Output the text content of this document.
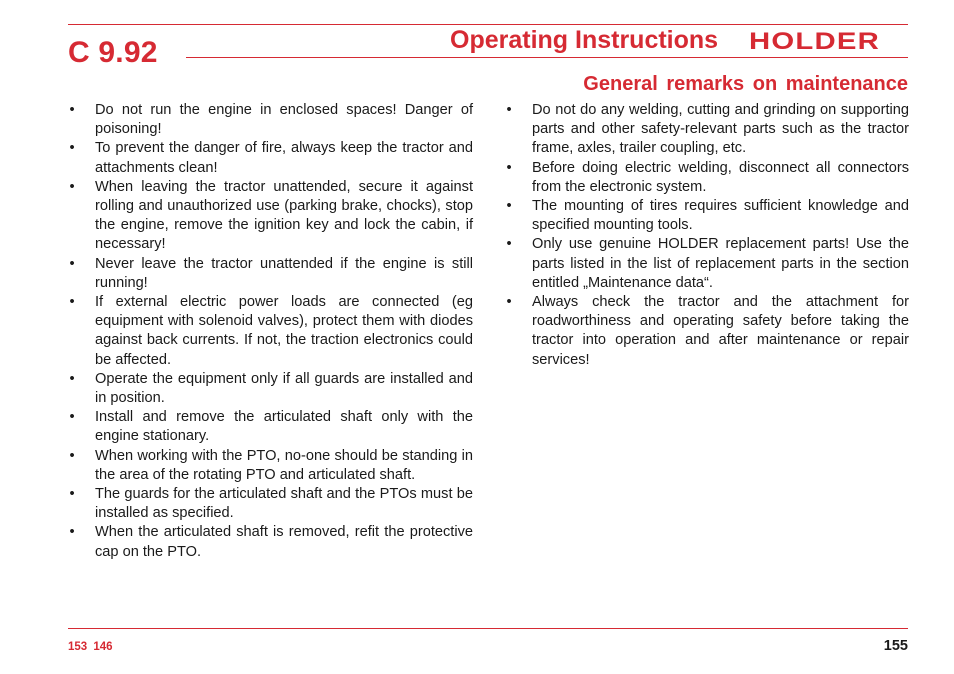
C 9.92	Operating Instructions HOLDER
General remarks on maintenance
• Do not run the engine in enclosed spaces! Danger of poisoning!
• To prevent the danger of fire, always keep the tractor and attachments clean!
• When leaving the tractor unattended, secure it against rolling and unauthorized use (parking brake, chocks), stop the engine, remove the ignition key and lock the cabin, if necessary!
• Never leave the tractor unattended if the engine is still running!
• If external electric power loads are connected (eg equipment with solenoid valves), protect them with diodes against back currents. If not, the traction electronics could be affected.
• Operate the equipment only if all guards are installed and in position.
• Install and remove the articulated shaft only with the engine stationary.
• When working with the PTO, no-one should be standing in the area of the rotating PTO and articulated shaft.
• The guards for the articulated shaft and the PTOs must be installed as specified.
• When the articulated shaft is removed, refit the protective cap on the PTO.
• Do not do any welding, cutting and grinding on supporting parts and other safety-relevant parts such as the tractor frame, axles, trailer coupling, etc.
• Before doing electric welding, disconnect all connectors from the electronic system.
• The mounting of tires requires sufficient knowledge and specified mounting tools.
• Only use genuine HOLDER replacement parts! Use the parts listed in the list of replacement parts in the section entitled „Maintenance data“.
• Always check the tractor and the attachment for roadworthiness and operating safety before taking the tractor into operation and after maintenance or repair services!
153 146	155
